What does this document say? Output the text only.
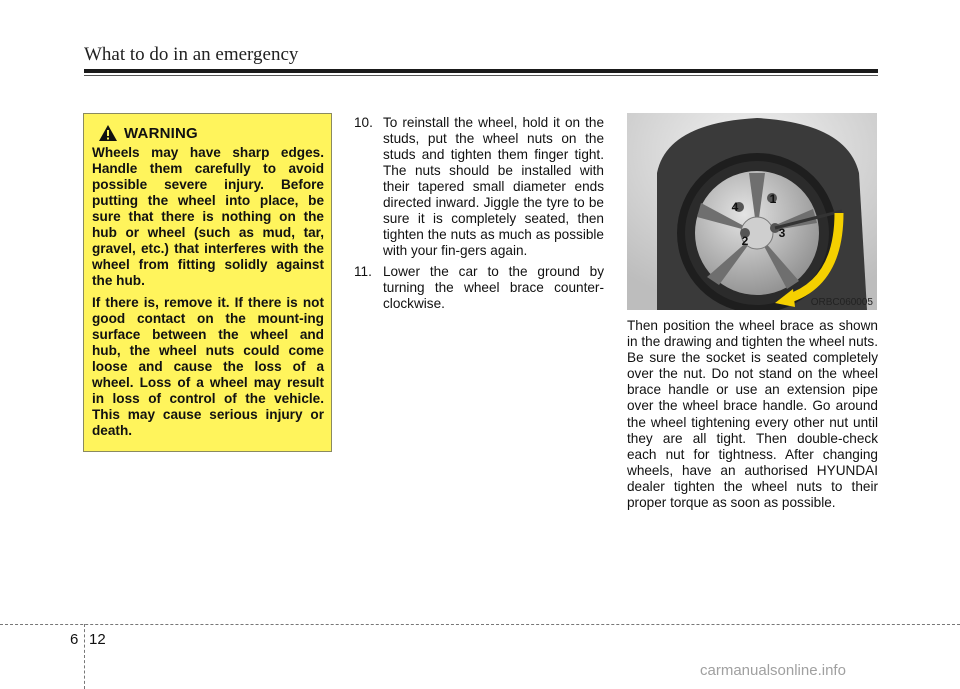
What to do in an emergency
WARNING

Wheels may have sharp edges. Handle them carefully to avoid possible severe injury. Before putting the wheel into place, be sure that there is nothing on the hub or wheel (such as mud, tar, gravel, etc.) that interferes with the wheel from fitting solidly against the hub.

If there is, remove it. If there is not good contact on the mount-ing surface between the wheel and hub, the wheel nuts could come loose and cause the loss of a wheel. Loss of a wheel may result in loss of control of the vehicle. This may cause serious injury or death.

10. To reinstall the wheel, hold it on the studs, put the wheel nuts on the studs and tighten them finger tight. The nuts should be installed with their tapered small diameter ends directed inward. Jiggle the tyre to be sure it is completely seated, then tighten the nuts as much as possible with your fin-gers again.
11. Lower the car to the ground by turning the wheel brace counter-clockwise.
1
2
3
4
ORBC060005
Then position the wheel brace as shown in the drawing and tighten the wheel nuts. Be sure the socket is seated completely over the nut. Do not stand on the wheel brace handle or use an extension pipe over the wheel brace handle. Go around the wheel tightening every other nut until they are all tight. Then double-check each nut for tightness. After changing wheels, have an authorised HYUNDAI dealer tighten the wheel nuts to their proper torque as soon as possible.
6 12
carmanualsonline.info
